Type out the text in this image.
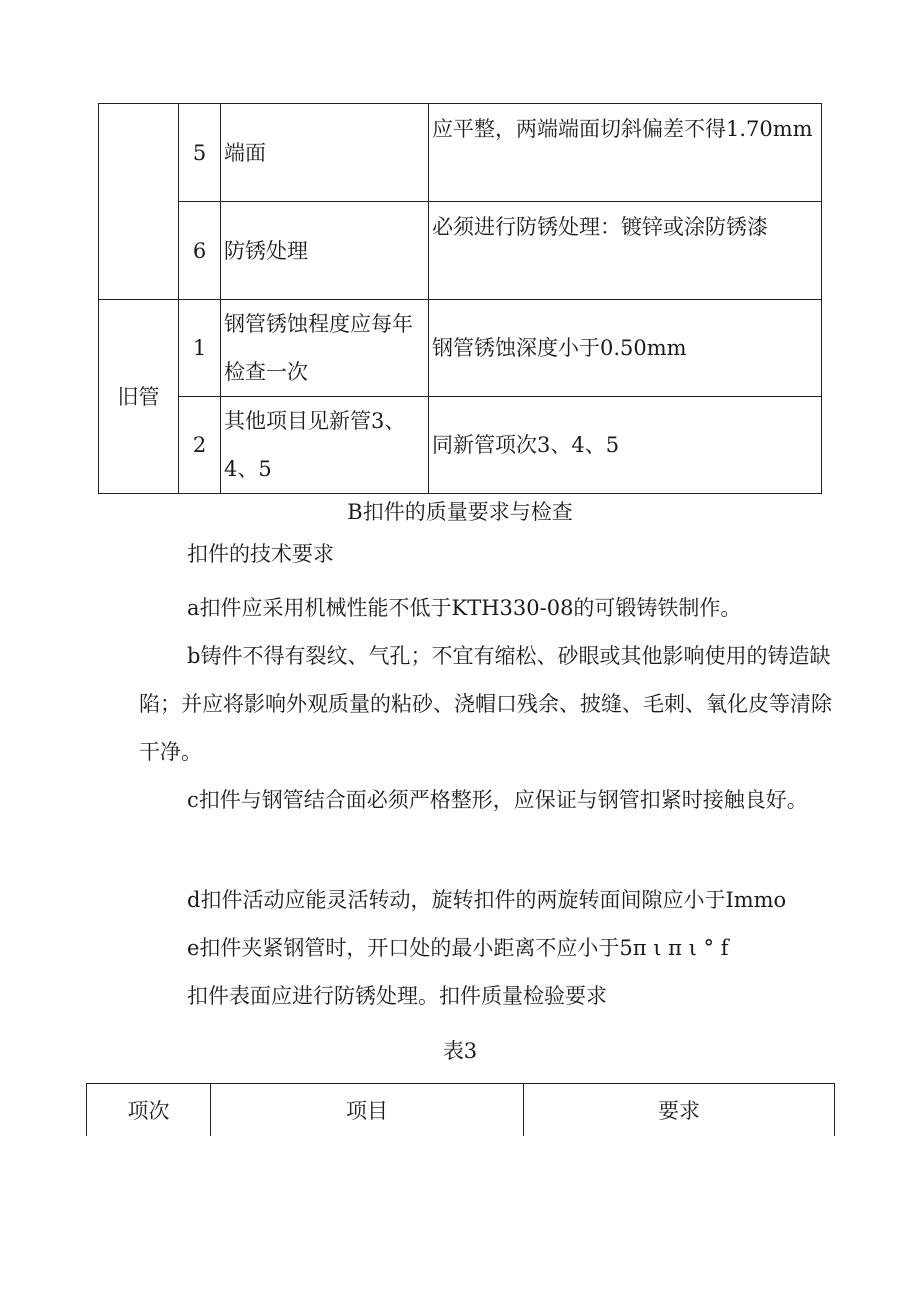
	5	端面	应平整，两端端面切斜偏差不得1.70mm
	6	防锈处理	必须进行防锈处理：镀锌或涂防锈漆
旧管	1	钢管锈蚀程度应每年检查一次	钢管锈蚀深度小于0.50mm
	2	其他项目见新管3、4、5	同新管项次3、4、5
B扣件的质量要求与检查
扣件的技术要求
a扣件应采用机械性能不低于KTH330-08的可锻铸铁制作。

b铸件不得有裂纹、气孔；不宜有缩松、砂眼或其他影响使用的铸造缺陷；并应将影响外观质量的粘砂、浇帽口残余、披缝、毛刺、氧化皮等清除干净。

c扣件与钢管结合面必须严格整形，应保证与钢管扣紧时接触良好。

d扣件活动应能灵活转动，旋转扣件的两旋转面间隙应小于Immo
e扣件夹紧钢管时，开口处的最小距离不应小于5π ι π ι ° f
扣件表面应进行防锈处理。扣件质量检验要求
表3
项次	项目	要求
